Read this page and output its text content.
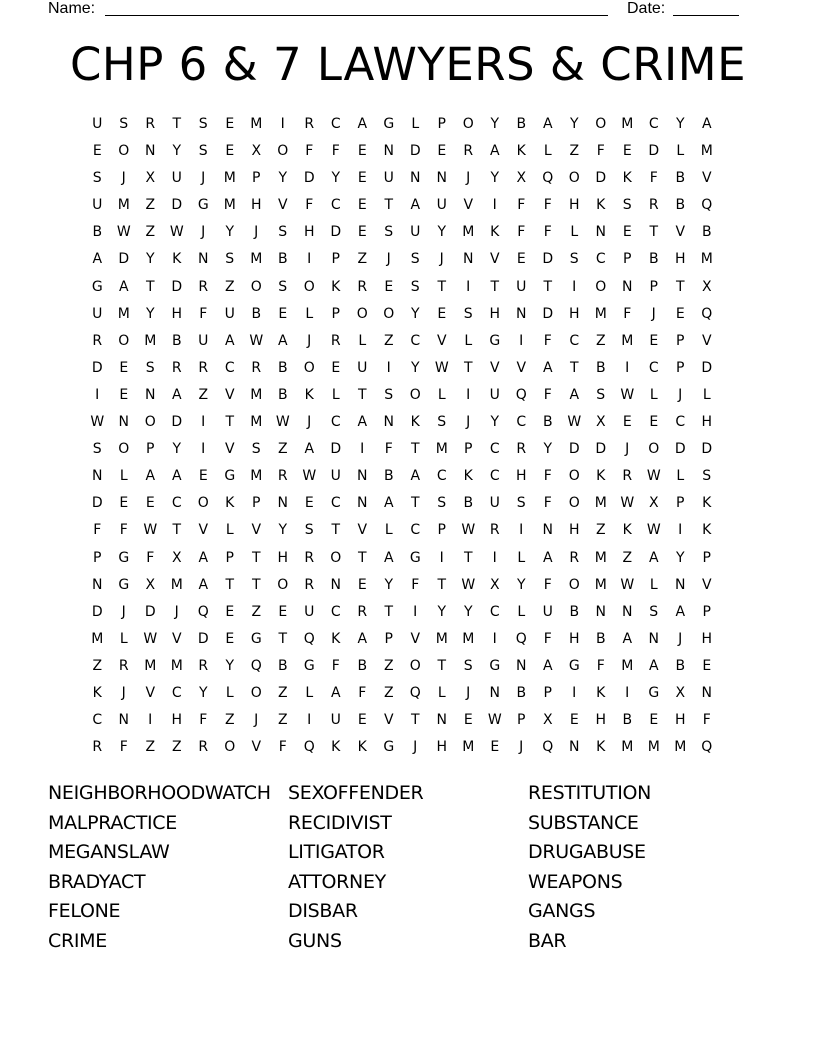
Name:	Date:
CHP 6 & 7 LAWYERS & CRIME
U	S	R	T	S	E	M	I	R	C	A	G	L	P	O	Y	B	A	Y	O	M	C	Y	A
E	O	N	Y	S	E	X	O	F	F	E	N	D	E	R	A	K	L	Z	F	E	D	L	M
S	J	X	U	J	M	P	Y	D	Y	E	U	N	N	J	Y	X	Q	O	D	K	F	B	V
U	M	Z	D	G	M	H	V	F	C	E	T	A	U	V	I	F	F	H	K	S	R	B	Q
B	W	Z	W	J	Y	J	S	H	D	E	S	U	Y	M	K	F	F	L	N	E	T	V	B
A	D	Y	K	N	S	M	B	I	P	Z	J	S	J	N	V	E	D	S	C	P	B	H	M
G	A	T	D	R	Z	O	S	O	K	R	E	S	T	I	T	U	T	I	O	N	P	T	X
U	M	Y	H	F	U	B	E	L	P	O	O	Y	E	S	H	N	D	H	M	F	J	E	Q
R	O	M	B	U	A	W	A	J	R	L	Z	C	V	L	G	I	F	C	Z	M	E	P	V
D	E	S	R	R	C	R	B	O	E	U	I	Y	W	T	V	V	A	T	B	I	C	P	D
I	E	N	A	Z	V	M	B	K	L	T	S	O	L	I	U	Q	F	A	S	W	L	J	L
W	N	O	D	I	T	M W	J	C	A	N	K	S	J	Y	C	B	W	X	E	E	C	H
S	O	P	Y	I	V	S	Z	A	D	I	F	T	M	P	C	R	Y	D	D	J	O	D	D
N	L	A	A	E	G	M	R	W	U	N	B	A	C	K	C	H	F	O	K	R	W	L	S
D	E	E	C	O	K	P	N	E	C	N	A	T	S	B	U	S	F	O	M W	X	P	K
F	F	W	T	V	L	V	Y	S	T	V	L	C	P	W	R	I	N	H	Z	K	W	I	K
P	G	F	X	A	P	T	H	R	O	T	A	G	I	T	I	L	A	R	M	Z	A	Y	P
N	G	X	M	A	T	T	O	R	N	E	Y	F	T	W	X	Y	F	O	M W	L	N	V
D	J	D	J	Q	E	Z	E	U	C	R	T	I	Y	Y	C	L	U	B	N	N	S	A	P
M	L	W	V	D	E	G	T	Q	K	A	P	V	M	M	I	Q	F	H	B	A	N	J	H
Z	R	M	M	R	Y	Q	B	G	F	B	Z	O	T	S	G	N	A	G	F	M	A	B	E
K	J	V	C	Y	L	O	Z	L	A	F	Z	Q	L	J	N	B	P	I	K	I	G	X	N
C	N	I	H	F	Z	J	Z	I	U	E	V	T	N	E	W	P	X	E	H	B	E	H	F
R	F	Z	Z	R	O	V	F	Q	K	K	G	J	H	M	E	J	Q	N	K	M	M	M	Q
NEIGHBORHOODWATCH SEXOFFENDER	RESTITUTION
MALPRACTICE	RECIDIVIST	SUBSTANCE
MEGANSLAW	LITIGATOR	DRUGABUSE
BRADYACT	ATTORNEY	WEAPONS
FELONE	DISBAR	GANGS
CRIME	GUNS	BAR
